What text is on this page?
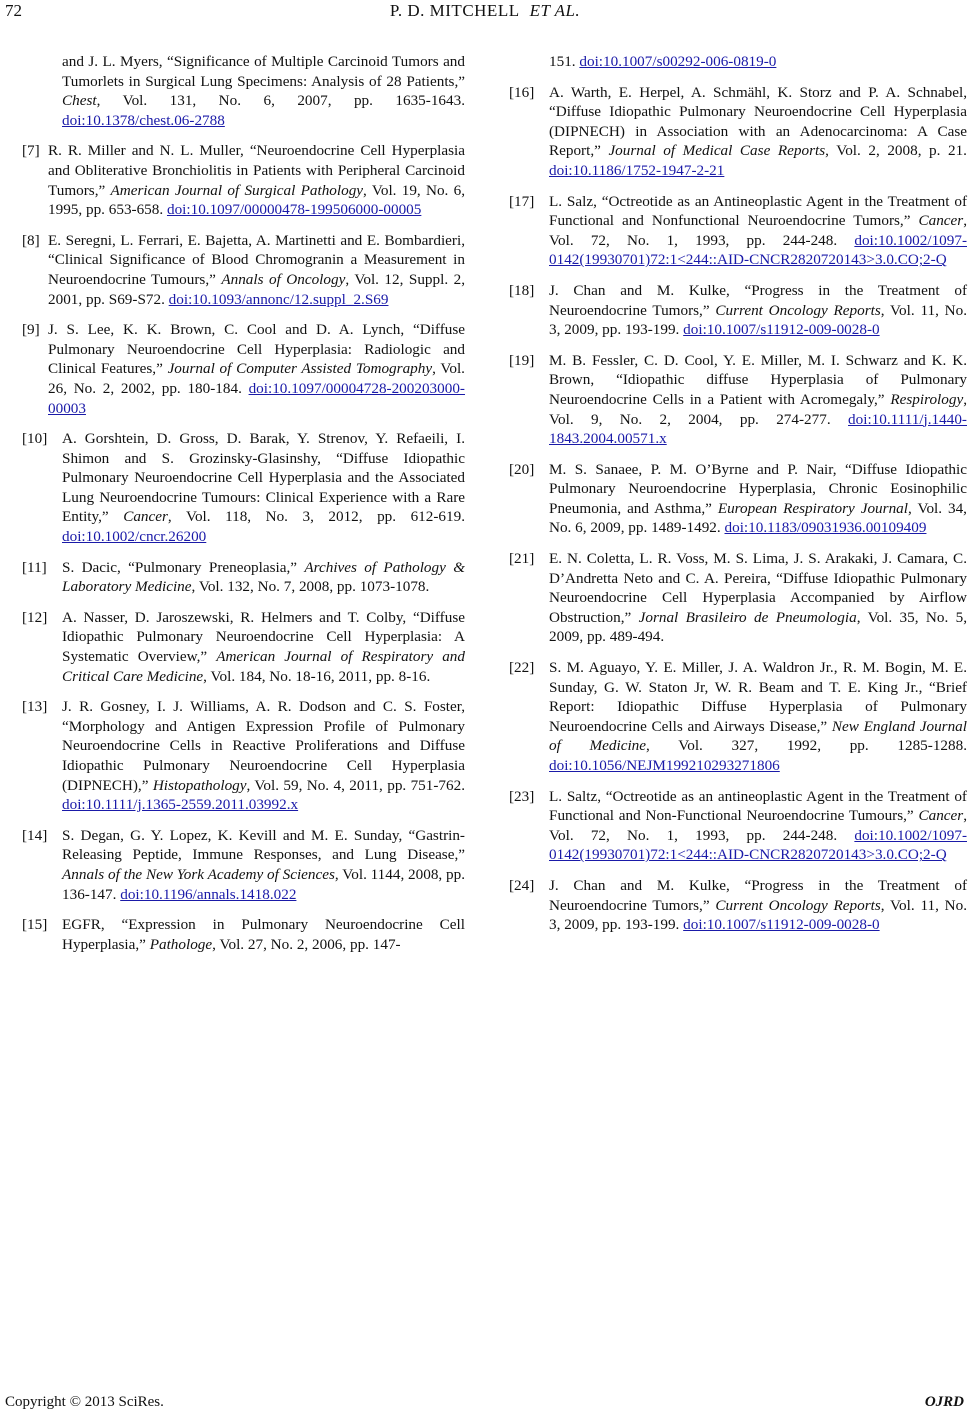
72	P. D. MITCHELL ET AL.
and J. L. Myers, “Significance of Multiple Carcinoid Tumors and Tumorlets in Surgical Lung Specimens: Analysis of 28 Patients,” Chest, Vol. 131, No. 6, 2007, pp. 1635-1643. doi:10.1378/chest.06-2788
[7] R. R. Miller and N. L. Muller, “Neuroendocrine Cell Hyperplasia and Obliterative Bronchiolitis in Patients with Peripheral Carcinoid Tumors,” American Journal of Surgical Pathology, Vol. 19, No. 6, 1995, pp. 653-658. doi:10.1097/00000478-199506000-00005
[8] E. Seregni, L. Ferrari, E. Bajetta, A. Martinetti and E. Bombardieri, “Clinical Significance of Blood Chromogranin a Measurement in Neuroendocrine Tumours,” Annals of Oncology, Vol. 12, Suppl. 2, 2001, pp. S69-S72. doi:10.1093/annonc/12.suppl_2.S69
[9] J. S. Lee, K. K. Brown, C. Cool and D. A. Lynch, “Diffuse Pulmonary Neuroendocrine Cell Hyperplasia: Radiologic and Clinical Features,” Journal of Computer Assisted Tomography, Vol. 26, No. 2, 2002, pp. 180-184. doi:10.1097/00004728-200203000-00003
[10] A. Gorshtein, D. Gross, D. Barak, Y. Strenov, Y. Refaeili, I. Shimon and S. Grozinsky-Glasinshy, “Diffuse Idiopathic Pulmonary Neuroendocrine Cell Hyperplasia and the Associated Lung Neuroendocrine Tumours: Clinical Experience with a Rare Entity,” Cancer, Vol. 118, No. 3, 2012, pp. 612-619. doi:10.1002/cncr.26200
[11] S. Dacic, “Pulmonary Preneoplasia,” Archives of Pathology & Laboratory Medicine, Vol. 132, No. 7, 2008, pp. 1073-1078.
[12] A. Nasser, D. Jaroszewski, R. Helmers and T. Colby, “Diffuse Idiopathic Pulmonary Neuroendocrine Cell Hyperplasia: A Systematic Overview,” American Journal of Respiratory and Critical Care Medicine, Vol. 184, No. 18-16, 2011, pp. 8-16.
[13] J. R. Gosney, I. J. Williams, A. R. Dodson and C. S. Foster, “Morphology and Antigen Expression Profile of Pulmonary Neuroendocrine Cells in Reactive Proliferations and Diffuse Idiopathic Pulmonary Neuroendocrine Cell Hyperplasia (DIPNECH),” Histopathology, Vol. 59, No. 4, 2011, pp. 751-762. doi:10.1111/j.1365-2559.2011.03992.x
[14] S. Degan, G. Y. Lopez, K. Kevill and M. E. Sunday, “Gastrin-Releasing Peptide, Immune Responses, and Lung Disease,” Annals of the New York Academy of Sciences, Vol. 1144, 2008, pp. 136-147. doi:10.1196/annals.1418.022
[15] EGFR, “Expression in Pulmonary Neuroendocrine Cell Hyperplasia,” Pathologe, Vol. 27, No. 2, 2006, pp. 147-
151. doi:10.1007/s00292-006-0819-0
[16] A. Warth, E. Herpel, A. Schmähl, K. Storz and P. A. Schnabel, “Diffuse Idiopathic Pulmonary Neuroendocrine Cell Hyperplasia (DIPNECH) in Association with an Adenocarcinoma: A Case Report,” Journal of Medical Case Reports, Vol. 2, 2008, p. 21. doi:10.1186/1752-1947-2-21
[17] L. Salz, “Octreotide as an Antineoplastic Agent in the Treatment of Functional and Nonfunctional Neuroendocrine Tumors,” Cancer, Vol. 72, No. 1, 1993, pp. 244-248. doi:10.1002/1097-0142(19930701)72:1<244::AID-CNCR2820720143>3.0.CO;2-Q
[18] J. Chan and M. Kulke, “Progress in the Treatment of Neuroendocrine Tumors,” Current Oncology Reports, Vol. 11, No. 3, 2009, pp. 193-199. doi:10.1007/s11912-009-0028-0
[19] M. B. Fessler, C. D. Cool, Y. E. Miller, M. I. Schwarz and K. K. Brown, “Idiopathic diffuse Hyperplasia of Pulmonary Neuroendocrine Cells in a Patient with Acromegaly,” Respirology, Vol. 9, No. 2, 2004, pp. 274-277. doi:10.1111/j.1440-1843.2004.00571.x
[20] M. S. Sanaee, P. M. O’Byrne and P. Nair, “Diffuse Idiopathic Pulmonary Neuroendocrine Hyperplasia, Chronic Eosinophilic Pneumonia, and Asthma,” European Respiratory Journal, Vol. 34, No. 6, 2009, pp. 1489-1492. doi:10.1183/09031936.00109409
[21] E. N. Coletta, L. R. Voss, M. S. Lima, J. S. Arakaki, J. Camara, C. D’Andretta Neto and C. A. Pereira, “Diffuse Idiopathic Pulmonary Neuroendocrine Cell Hyperplasia Accompanied by Airflow Obstruction,” Jornal Brasileiro de Pneumologia, Vol. 35, No. 5, 2009, pp. 489-494.
[22] S. M. Aguayo, Y. E. Miller, J. A. Waldron Jr., R. M. Bogin, M. E. Sunday, G. W. Staton Jr, W. R. Beam and T. E. King Jr., “Brief Report: Idiopathic Diffuse Hyperplasia of Pulmonary Neuroendocrine Cells and Airways Disease,” New England Journal of Medicine, Vol. 327, 1992, pp. 1285-1288. doi:10.1056/NEJM199210293271806
[23] L. Saltz, “Octreotide as an antineoplastic Agent in the Treatment of Functional and Non-Functional Neuroendocrine Tumours,” Cancer, Vol. 72, No. 1, 1993, pp. 244-248. doi:10.1002/1097-0142(19930701)72:1<244::AID-CNCR2820720143>3.0.CO;2-Q
[24] J. Chan and M. Kulke, “Progress in the Treatment of Neuroendocrine Tumors,” Current Oncology Reports, Vol. 11, No. 3, 2009, pp. 193-199. doi:10.1007/s11912-009-0028-0
Copyright © 2013 SciRes.	OJRD
